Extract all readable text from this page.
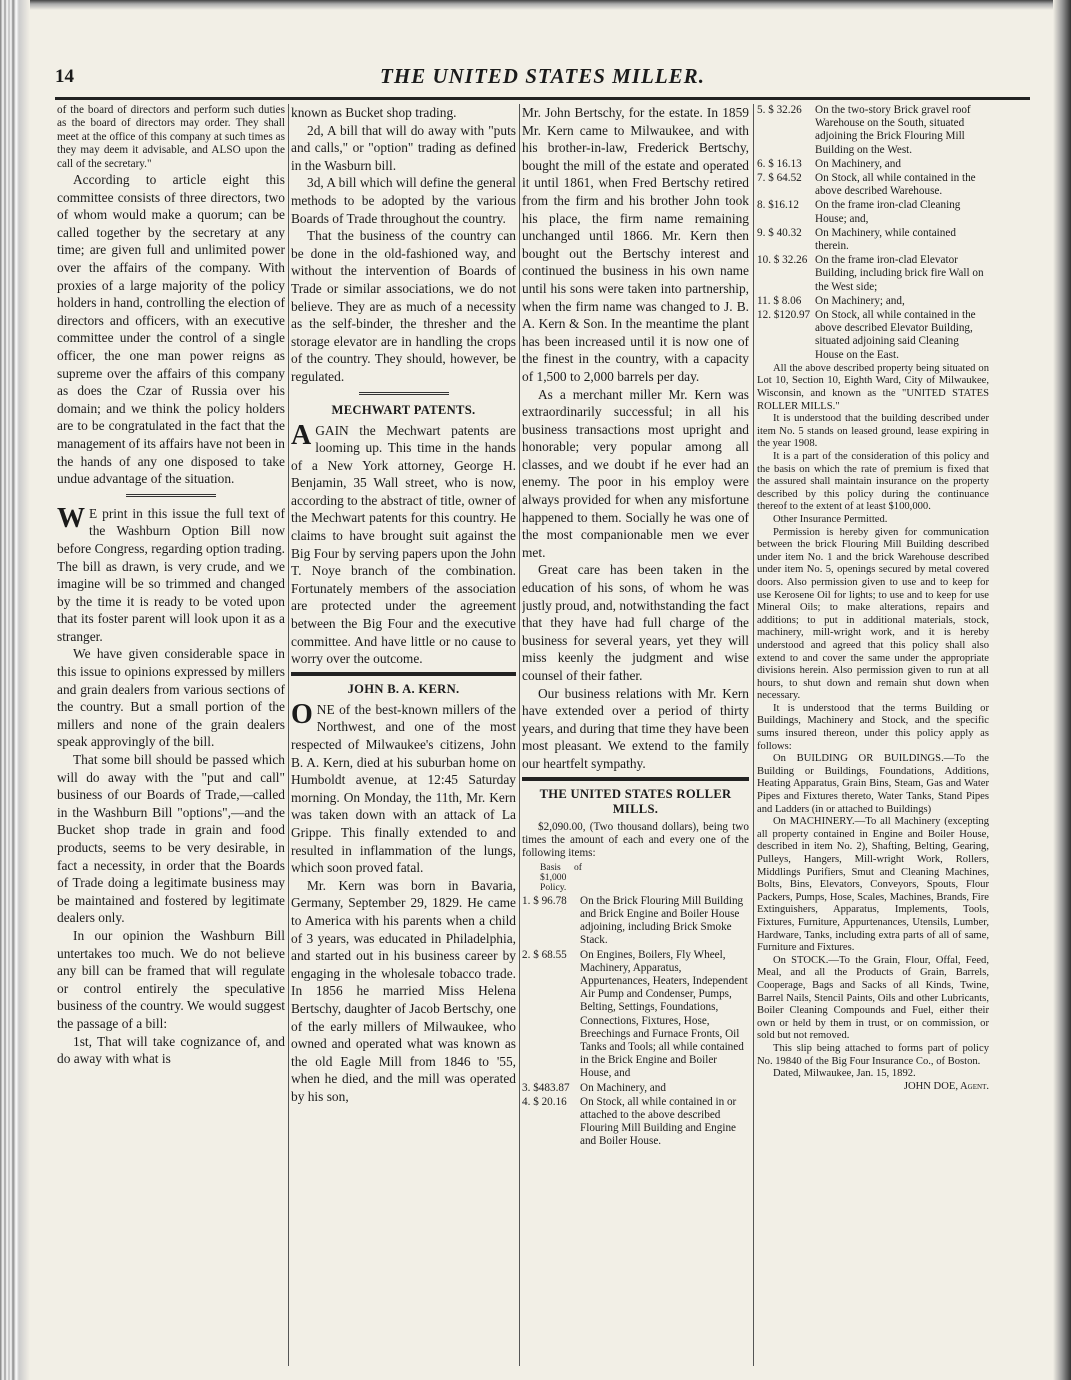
14	THE UNITED STATES MILLER.

of the board of directors and perform such duties as the board of directors may order. They shall meet at the office of this company at such times as they may deem it advisable, and ALSO upon the call of the secretary."

According to article eight this committee consists of three directors, two of whom would make a quorum; can be called together by the secretary at any time; are given full and unlimited power over the affairs of the company. With proxies of a large majority of the policy holders in hand, controlling the election of directors and officers, with an executive committee under the control of a single officer, the one man power reigns as supreme over the affairs of this company as does the Czar of Russia over his domain; and we think the policy holders are to be congratulated in the fact that the management of its affairs have not been in the hands of any one disposed to take undue advantage of the situation.

W E print in this issue the full text of the Washburn Option Bill now before Congress, regarding option trading. The bill as drawn, is very crude, and we imagine will be so trimmed and changed by the time it is ready to be voted upon that its foster parent will look upon it as a stranger.

We have given considerable space in this issue to opinions expressed by millers and grain dealers from various sections of the country. But a small portion of the millers and none of the grain dealers speak approvingly of the bill.

That some bill should be passed which will do away with the "put and call" business of our Boards of Trade,—called in the Washburn Bill "options",—and the Bucket shop trade in grain and food products, seems to be very desirable, in fact a necessity, in order that the Boards of Trade doing a legitimate business may be maintained and fostered by legitimate dealers only.

In our opinion the Washburn Bill untertakes too much. We do not believe any bill can be framed that will regulate or control entirely the speculative business of the country. We would suggest the passage of a bill:

1st, That will take cognizance of, and do away with what is

known as Bucket shop trading.

2d, A bill that will do away with "puts and calls," or "option" trading as defined in the Wasburn bill.

3d, A bill which will define the general methods to be adopted by the various Boards of Trade throughout the country.

That the business of the country can be done in the old-fashioned way, and without the intervention of Boards of Trade or similar associations, we do not believe. They are as much of a necessity as the self-binder, the thresher and the storage elevator are in handling the crops of the country. They should, however, be regulated.

MECHWART PATENTS.

AGAIN the Mechwart patents are looming up. This time in the hands of a New York attorney, George H. Benjamin, 35 Wall street, who is now, according to the abstract of title, owner of the Mechwart patents for this country. He claims to have brought suit against the Big Four by serving papers upon the John T. Noye branch of the combination. Fortunately members of the association are protected under the agreement between the Big Four and the executive committee. And have little or no cause to worry over the outcome.

JOHN B. A. KERN.

ONE of the best-known millers of the Northwest, and one of the most respected of Milwaukee's citizens, John B. A. Kern, died at his suburban home on Humboldt avenue, at 12:45 Saturday morning. On Monday, the 11th, Mr. Kern was taken down with an attack of La Grippe. This finally extended to and resulted in inflammation of the lungs, which soon proved fatal.

Mr. Kern was born in Bavaria, Germany, September 29, 1829. He came to America with his parents when a child of 3 years, was educated in Philadelphia, and started out in his business career by engaging in the wholesale tobacco trade. In 1856 he married Miss Helena Bertschy, daughter of Jacob Bertschy, one of the early millers of Milwaukee, who owned and operated what was known as the old Eagle Mill from 1846 to '55, when he died, and the mill was operated by his son,

Mr. John Bertschy, for the estate. In 1859 Mr. Kern came to Milwaukee, and with his brother-in-law, Frederick Bertschy, bought the mill of the estate and operated it until 1861, when Fred Bertschy retired from the firm and his brother John took his place, the firm name remaining unchanged until 1866. Mr. Kern then bought out the Bertschy interest and continued the business in his own name until his sons were taken into partnership, when the firm name was changed to J. B. A. Kern & Son. In the meantime the plant has been increased until it is now one of the finest in the country, with a capacity of 1,500 to 2,000 barrels per day.

As a merchant miller Mr. Kern was extraordinarily successful; in all his business transactions most upright and honorable; very popular among all classes, and we doubt if he ever had an enemy. The poor in his employ were always provided for when any misfortune happened to them. Socially he was one of the most companionable men we ever met.

Great care has been taken in the education of his sons, of whom he was justly proud, and, notwithstanding the fact that they have had full charge of the business for several years, yet they will miss keenly the judgment and wise counsel of their father.

Our business relations with Mr. Kern have extended over a period of thirty years, and during that time they have been most pleasant. We extend to the family our heartfelt sympathy.

THE UNITED STATES ROLLER MILLS.

$2,090.00, (Two thousand dollars), being two times the amount of each and every one of the following items:

Basis of $1,000 Policy.
1. $ 96.78	On the Brick Flouring Mill Building and Brick Engine and Boiler House adjoining, including Brick Smoke Stack.
2. $ 68.55	On Engines, Boilers, Fly Wheel, Machinery, Apparatus, Appurtenances, Heaters, Independent Air Pump and Condenser, Pumps, Belting, Settings, Foundations, Connections, Fixtures, Hose, Breechings and Furnace Fronts, Oil Tanks and Tools; all while contained in the Brick Engine and Boiler House, and
3. $483.87 On Machinery, and
4. $ 20.16	On Stock, all while contained in or attached to the above described Flouring Mill Building and Engine and Boiler House.
5. $ 32.26	On the two-story Brick gravel roof Warehouse on the South, situated adjoining the Brick Flouring Mill Building on the West.
6. $ 16.13	On Machinery, and
7. $ 64.52	On Stock, all while contained in the above described Warehouse.
8. $16.12	On the frame iron-clad Cleaning House; and,
9. $ 40.32	On Machinery, while contained therein.
10. $ 32.26 On the frame iron-clad Elevator Building, including brick fire Wall on the West side;
11. $ 8.06	On Machinery; and,
12. $120.97 On Stock, all while contained in the above described Elevator Building, situated adjoining said Cleaning House on the East.

All the above described property being situated on Lot 10, Section 10, Eighth Ward, City of Milwaukee, Wisconsin, and known as the "UNITED STATES ROLLER MILLS."

It is understood that the building described under item No. 5 stands on leased ground, lease expiring in the year 1908.

It is a part of the consideration of this policy and the basis on which the rate of premium is fixed that the assured shall maintain insurance on the property described by this policy during the continuance thereof to the extent of at least $100,000.

Other Insurance Permitted.

Permission is hereby given for communication between the brick Flouring Mill Building described under item No. 1 and the brick Warehouse described under item No. 5, openings secured by metal covered doors. Also permission given to use and to keep for use Kerosene Oil for lights; to use and to keep for use Mineral Oils; to make alterations, repairs and additions; to put in additional materials, stock, machinery, mill-wright work, and it is hereby understood and agreed that this policy shall also extend to and cover the same under the appropriate divisions herein. Also permission given to run at all hours, to shut down and remain shut down when necessary.

It is understood that the terms Building or Buildings, Machinery and Stock, and the specific sums insured thereon, under this policy apply as follows:

On BUILDING OR BUILDINGS.—To the Building or Buildings, Foundations, Additions, Heating Apparatus, Grain Bins, Steam, Gas and Water Pipes and Fixtures thereto, Water Tanks, Stand Pipes and Ladders (in or attached to Buildings)

On MACHINERY.—To all Machinery (excepting all property contained in Engine and Boiler House, described in item No. 2), Shafting, Belting, Gearing, Pulleys, Hangers, Mill-wright Work, Rollers, Middlings Purifiers, Smut and Cleaning Machines, Bolts, Bins, Elevators, Conveyors, Spouts, Flour Packers, Pumps, Hose, Scales, Machines, Brands, Fire Extinguishers, Apparatus, Implements, Tools, Fixtures, Furniture, Appurtenances, Utensils, Lumber, Hardware, Tanks, including extra parts of all of same, Furniture and Fixtures.

On STOCK.—To the Grain, Flour, Offal, Feed, Meal, and all the Products of Grain, Barrels, Cooperage, Bags and Sacks of all Kinds, Twine, Barrel Nails, Stencil Paints, Oils and other Lubricants, Boiler Cleaning Compounds and Fuel, either their own or held by them in trust, or on commission, or sold but not removed.

This slip being attached to forms part of policy No. 19840 of the Big Four Insurance Co., of Boston.

Dated, Milwaukee, Jan. 15, 1892.

JOHN DOE, Agent.
